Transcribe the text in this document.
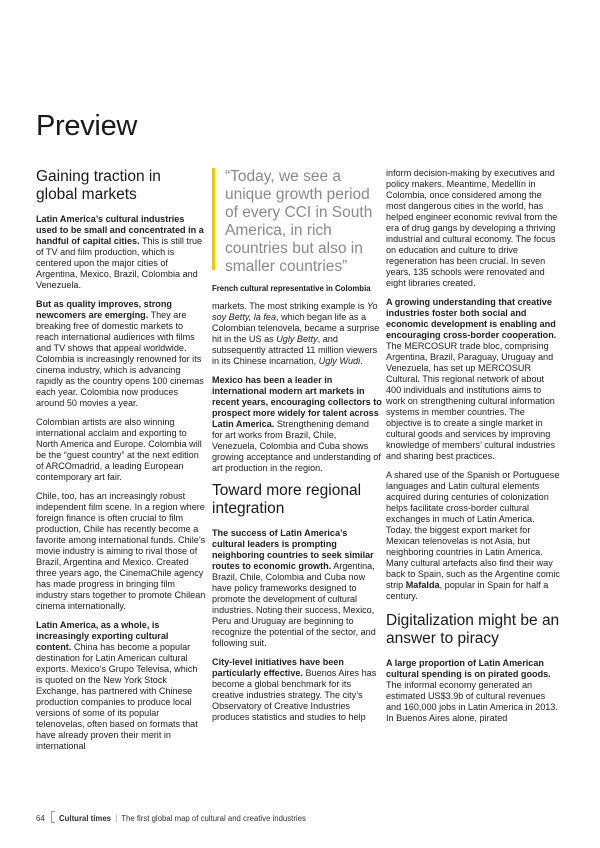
Preview
Gaining traction in global markets

Latin America’s cultural industries used to be small and concentrated in a handful of capital cities. This is still true of TV and film production, which is centered upon the major cities of Argentina, Mexico, Brazil, Colombia and Venezuela.

But as quality improves, strong newcomers are emerging. They are breaking free of domestic markets to reach international audiences with films and TV shows that appeal worldwide. Colombia is increasingly renowned for its cinema industry, which is advancing rapidly as the country opens 100 cinemas each year. Colombia now produces around 50 movies a year.

Colombian artists are also winning international acclaim and exporting to North America and Europe. Colombia will be the “guest country” at the next edition of ARCOmadrid, a leading European contemporary art fair.

Chile, too, has an increasingly robust independent film scene. In a region where foreign finance is often crucial to film production, Chile has recently become a favorite among international funds. Chile’s movie industry is aiming to rival those of Brazil, Argentina and Mexico. Created three years ago, the CinemaChile agency has made progress in bringing film industry stars together to promote Chilean cinema internationally.

Latin America, as a whole, is increasingly exporting cultural content. China has become a popular destination for Latin American cultural exports. Mexico’s Grupo Televisa, which is quoted on the New York Stock Exchange, has partnered with Chinese production companies to produce local versions of some of its popular telenovelas, often based on formats that have already proven their merit in international

“Today, we see a unique growth period of every CCI in South America, in rich countries but also in smaller countries”
French cultural representative in Colombia

markets. The most striking example is Yo soy Betty, la fea, which began life as a Colombian telenovela, became a surprise hit in the US as Ugly Betty, and subsequently attracted 11 million viewers in its Chinese incarnation, Ugly Wudi.

Mexico has been a leader in international modern art markets in recent years, encouraging collectors to prospect more widely for talent across Latin America. Strengthening demand for art works from Brazil, Chile, Venezuela, Colombia and Cuba shows growing acceptance and understanding of art production in the region.

Toward more regional integration

The success of Latin America’s cultural leaders is prompting neighboring countries to seek similar routes to economic growth. Argentina, Brazil, Chile, Colombia and Cuba now have policy frameworks designed to promote the development of cultural industries. Noting their success, Mexico, Peru and Uruguay are beginning to recognize the potential of the sector, and following suit.

City-level initiatives have been particularly effective. Buenos Aires has become a global benchmark for its creative industries strategy. The city’s Observatory of Creative Industries produces statistics and studies to help

inform decision-making by executives and policy makers. Meantime, Medellín in Colombia, once considered among the most dangerous cities in the world, has helped engineer economic revival from the era of drug gangs by developing a thriving industrial and cultural economy. The focus on education and culture to drive regeneration has been crucial. In seven years, 135 schools were renovated and eight libraries created.

A growing understanding that creative industries foster both social and economic development is enabling and encouraging cross-border cooperation. The MERCOSUR trade bloc, comprising Argentina, Brazil, Paraguay, Uruguay and Venezuela, has set up MERCOSUR Cultural. This regional network of about 400 individuals and institutions aims to work on strengthening cultural information systems in member countries. The objective is to create a single market in cultural goods and services by improving knowledge of members’ cultural industries and sharing best practices.

A shared use of the Spanish or Portuguese languages and Latin cultural elements acquired during centuries of colonization helps facilitate cross-border cultural exchanges in much of Latin America. Today, the biggest export market for Mexican telenovelas is not Asia, but neighboring countries in Latin America. Many cultural artefacts also find their way back to Spain, such as the Argentine comic strip Mafalda, popular in Spain for half a century.

Digitalization might be an answer to piracy

A large proportion of Latin American cultural spending is on pirated goods. The informal economy generated an estimated US$3.9b of cultural revenues and 160,000 jobs in Latin America in 2013. In Buenos Aires alone, pirated

64 Cultural times | The first global map of cultural and creative industries
